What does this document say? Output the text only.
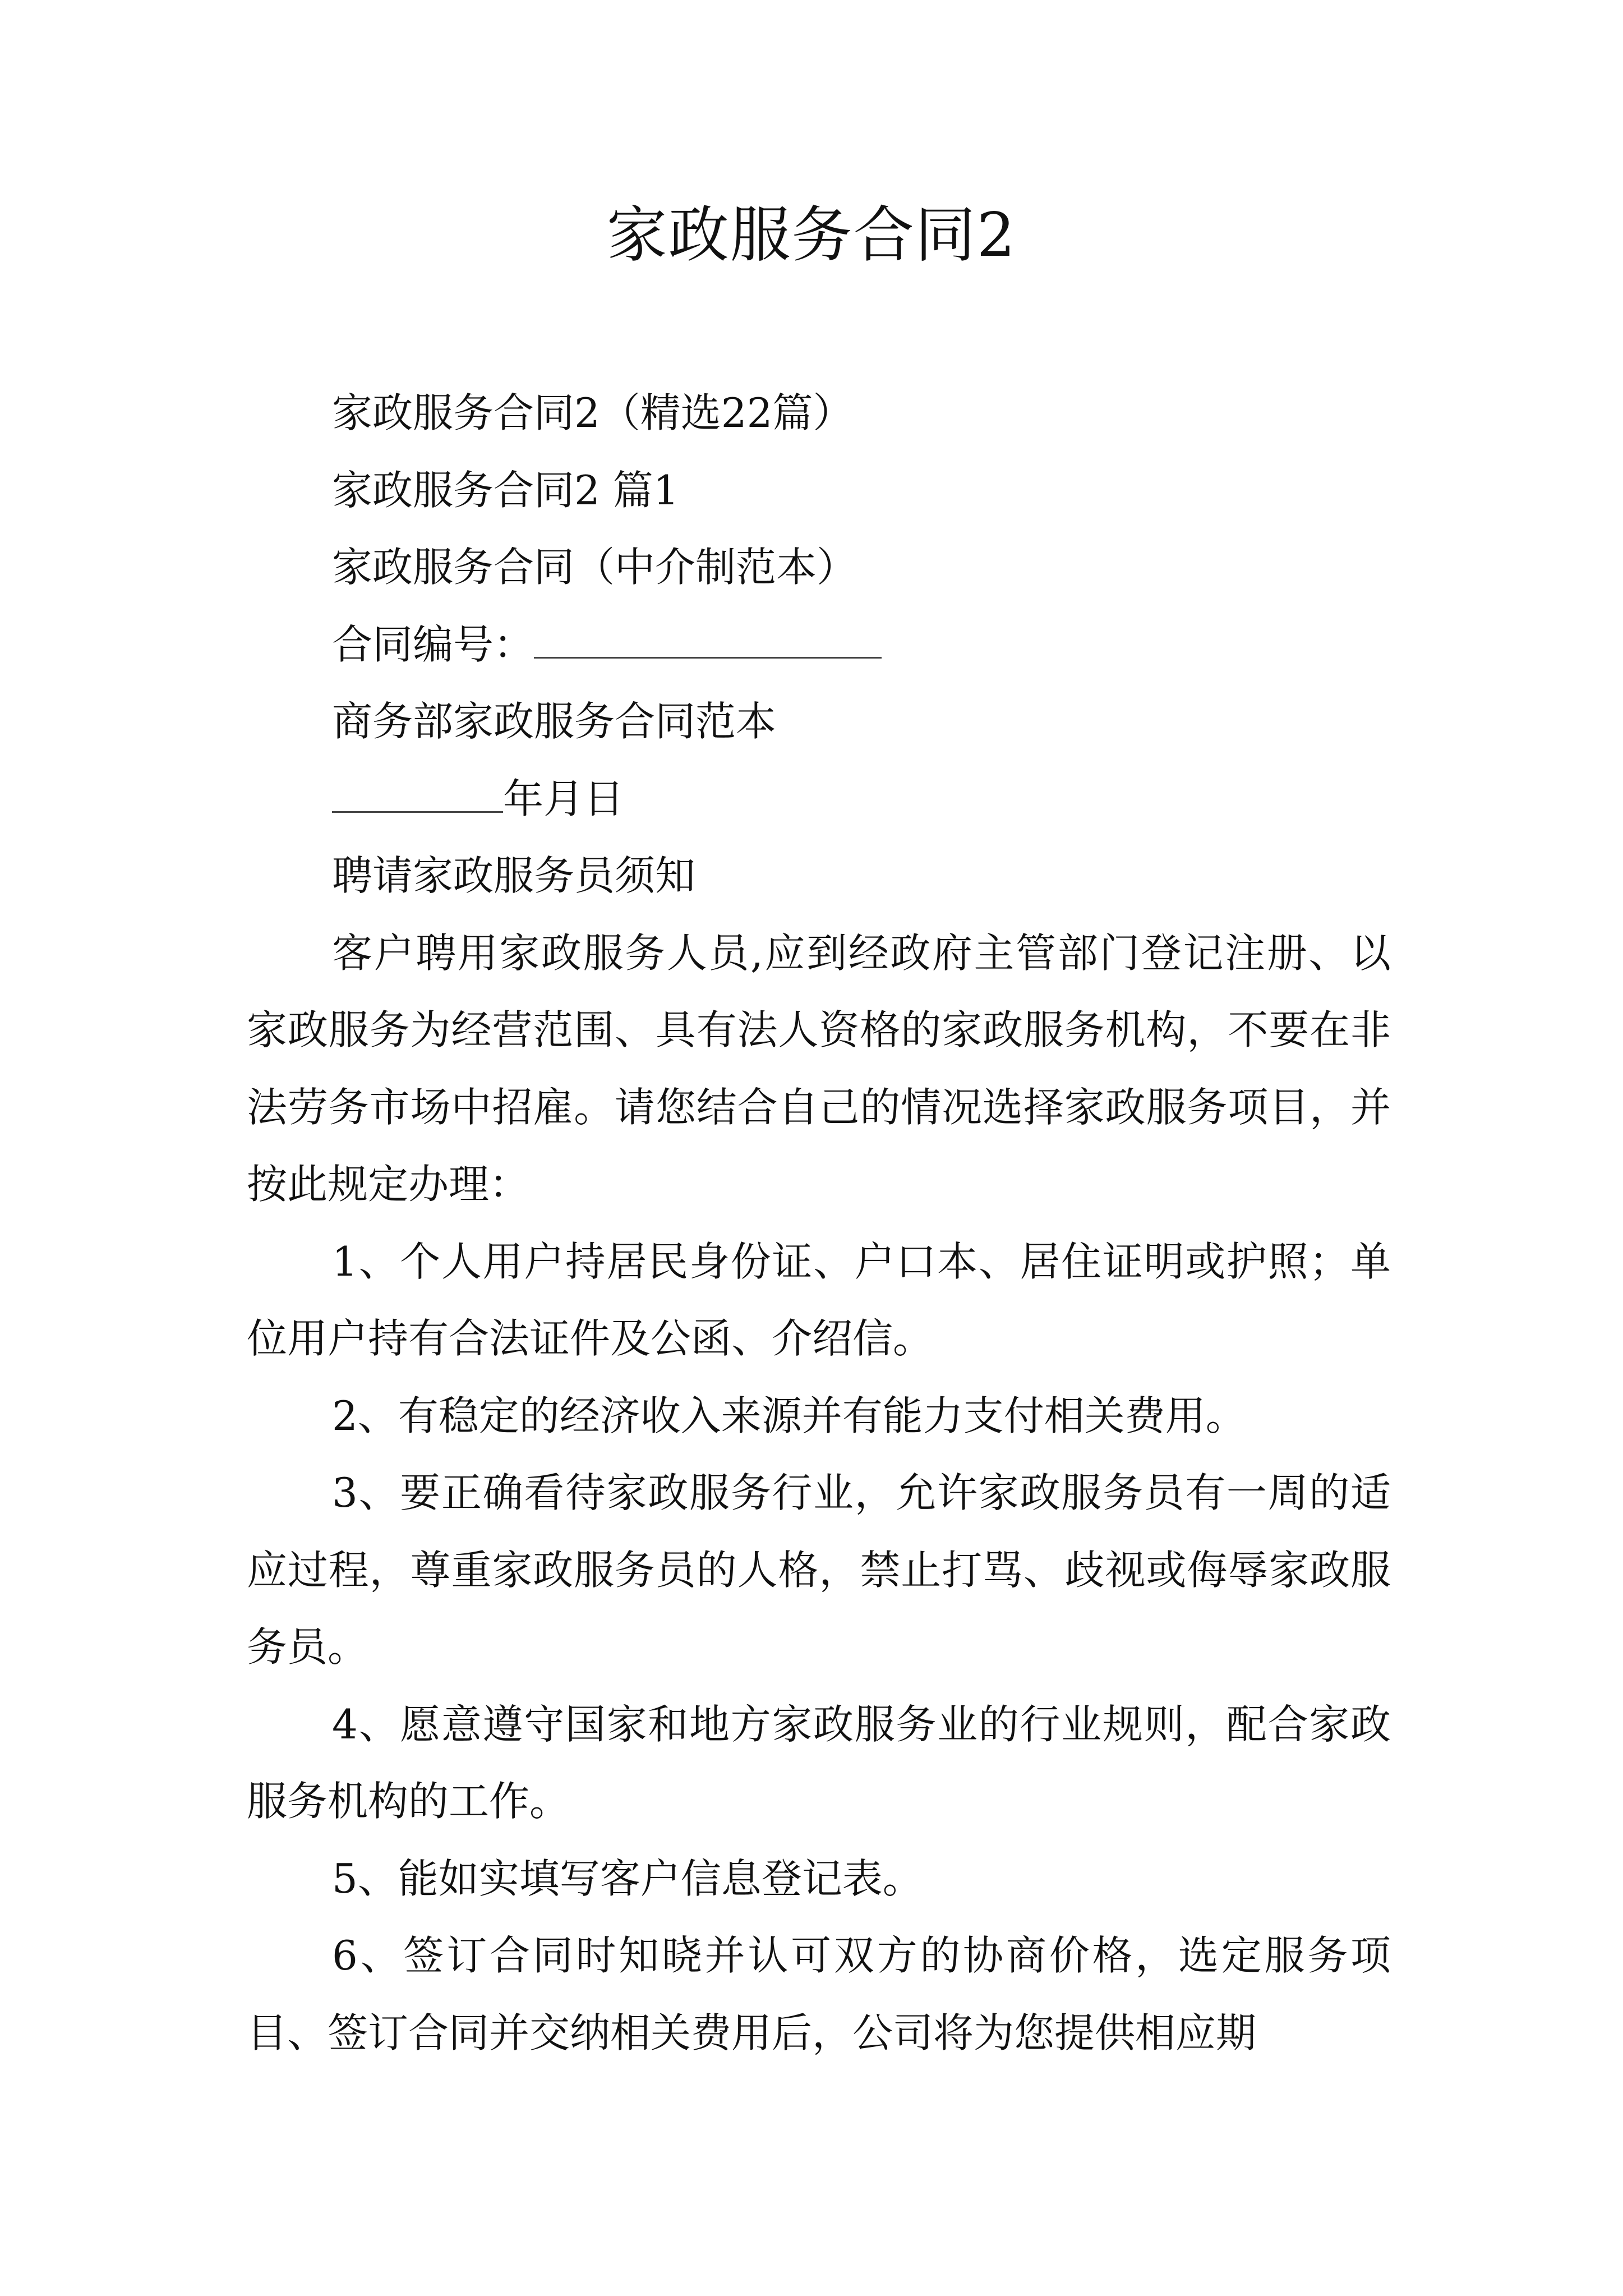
家政服务合同2
家政服务合同2（精选22篇）
家政服务合同2 篇1
家政服务合同（中介制范本）
合同编号：
商务部家政服务合同范本
年月日
聘请家政服务员须知

客户聘用家政服务人员,应到经政府主管部门登记注册、以家政服务为经营范围、具有法人资格的家政服务机构，不要在非法劳务市场中招雇。请您结合自己的情况选择家政服务项目，并按此规定办理：

1、个人用户持居民身份证、户口本、居住证明或护照；单位用户持有合法证件及公函、介绍信。

2、有稳定的经济收入来源并有能力支付相关费用。

3、要正确看待家政服务行业，允许家政服务员有一周的适应过程，尊重家政服务员的人格，禁止打骂、歧视或侮辱家政服务员。

4、愿意遵守国家和地方家政服务业的行业规则，配合家政服务机构的工作。

5、能如实填写客户信息登记表。

6、签订合同时知晓并认可双方的协商价格，选定服务项目、签订合同并交纳相关费用后，公司将为您提供相应期
